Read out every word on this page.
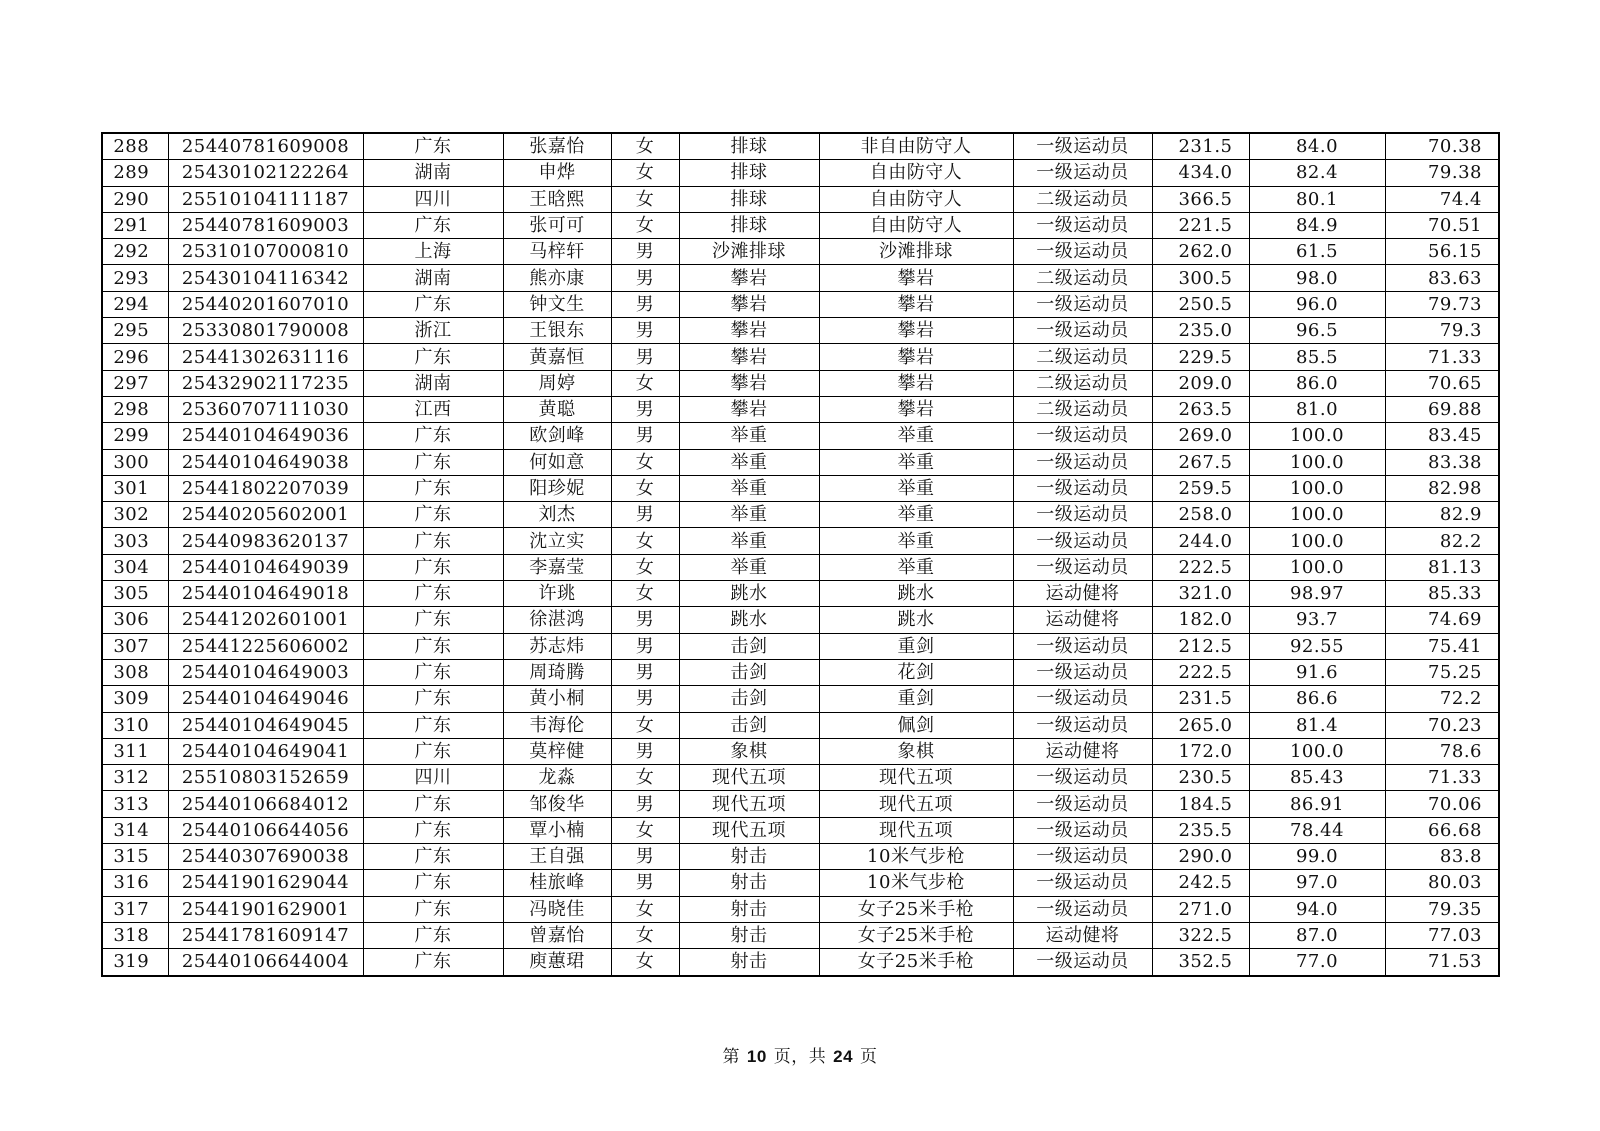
288	25440781609008	广东	张嘉怡	女	排球	非自由防守人	一级运动员	231.5	84.0	70.38
289	25430102122264	湖南	申烨	女	排球	自由防守人	一级运动员	434.0	82.4	79.38
290	25510104111187	四川	王晗熙	女	排球	自由防守人	二级运动员	366.5	80.1	74.4
291	25440781609003	广东	张可可	女	排球	自由防守人	一级运动员	221.5	84.9	70.51
292	25310107000810	上海	马梓轩	男	沙滩排球	沙滩排球	一级运动员	262.0	61.5	56.15
293	25430104116342	湖南	熊亦康	男	攀岩	攀岩	二级运动员	300.5	98.0	83.63
294	25440201607010	广东	钟文生	男	攀岩	攀岩	一级运动员	250.5	96.0	79.73
295	25330801790008	浙江	王银东	男	攀岩	攀岩	一级运动员	235.0	96.5	79.3
296	25441302631116	广东	黄嘉恒	男	攀岩	攀岩	二级运动员	229.5	85.5	71.33
297	25432902117235	湖南	周婷	女	攀岩	攀岩	二级运动员	209.0	86.0	70.65
298	25360707111030	江西	黄聪	男	攀岩	攀岩	二级运动员	263.5	81.0	69.88
299	25440104649036	广东	欧剑峰	男	举重	举重	一级运动员	269.0	100.0	83.45
300	25440104649038	广东	何如意	女	举重	举重	一级运动员	267.5	100.0	83.38
301	25441802207039	广东	阳珍妮	女	举重	举重	一级运动员	259.5	100.0	82.98
302	25440205602001	广东	刘杰	男	举重	举重	一级运动员	258.0	100.0	82.9
303	25440983620137	广东	沈立实	女	举重	举重	一级运动员	244.0	100.0	82.2
304	25440104649039	广东	李嘉莹	女	举重	举重	一级运动员	222.5	100.0	81.13
305	25440104649018	广东	许珧	女	跳水	跳水	运动健将	321.0	98.97	85.33
306	25441202601001	广东	徐湛鸿	男	跳水	跳水	运动健将	182.0	93.7	74.69
307	25441225606002	广东	苏志炜	男	击剑	重剑	一级运动员	212.5	92.55	75.41
308	25440104649003	广东	周琦腾	男	击剑	花剑	一级运动员	222.5	91.6	75.25
309	25440104649046	广东	黄小桐	男	击剑	重剑	一级运动员	231.5	86.6	72.2
310	25440104649045	广东	韦海伦	女	击剑	佩剑	一级运动员	265.0	81.4	70.23
311	25440104649041	广东	莫梓健	男	象棋	象棋	运动健将	172.0	100.0	78.6
312	25510803152659	四川	龙淼	女	现代五项	现代五项	一级运动员	230.5	85.43	71.33
313	25440106684012	广东	邹俊华	男	现代五项	现代五项	一级运动员	184.5	86.91	70.06
314	25440106644056	广东	覃小楠	女	现代五项	现代五项	一级运动员	235.5	78.44	66.68
315	25440307690038	广东	王自强	男	射击	10米气步枪	一级运动员	290.0	99.0	83.8
316	25441901629044	广东	桂旅峰	男	射击	10米气步枪	一级运动员	242.5	97.0	80.03
317	25441901629001	广东	冯晓佳	女	射击	女子25米手枪	一级运动员	271.0	94.0	79.35
318	25441781609147	广东	曾嘉怡	女	射击	女子25米手枪	运动健将	322.5	87.0	77.03
319	25440106644004	广东	庾蕙珺	女	射击	女子25米手枪	一级运动员	352.5	77.0	71.53
第 10 页，共 24 页
